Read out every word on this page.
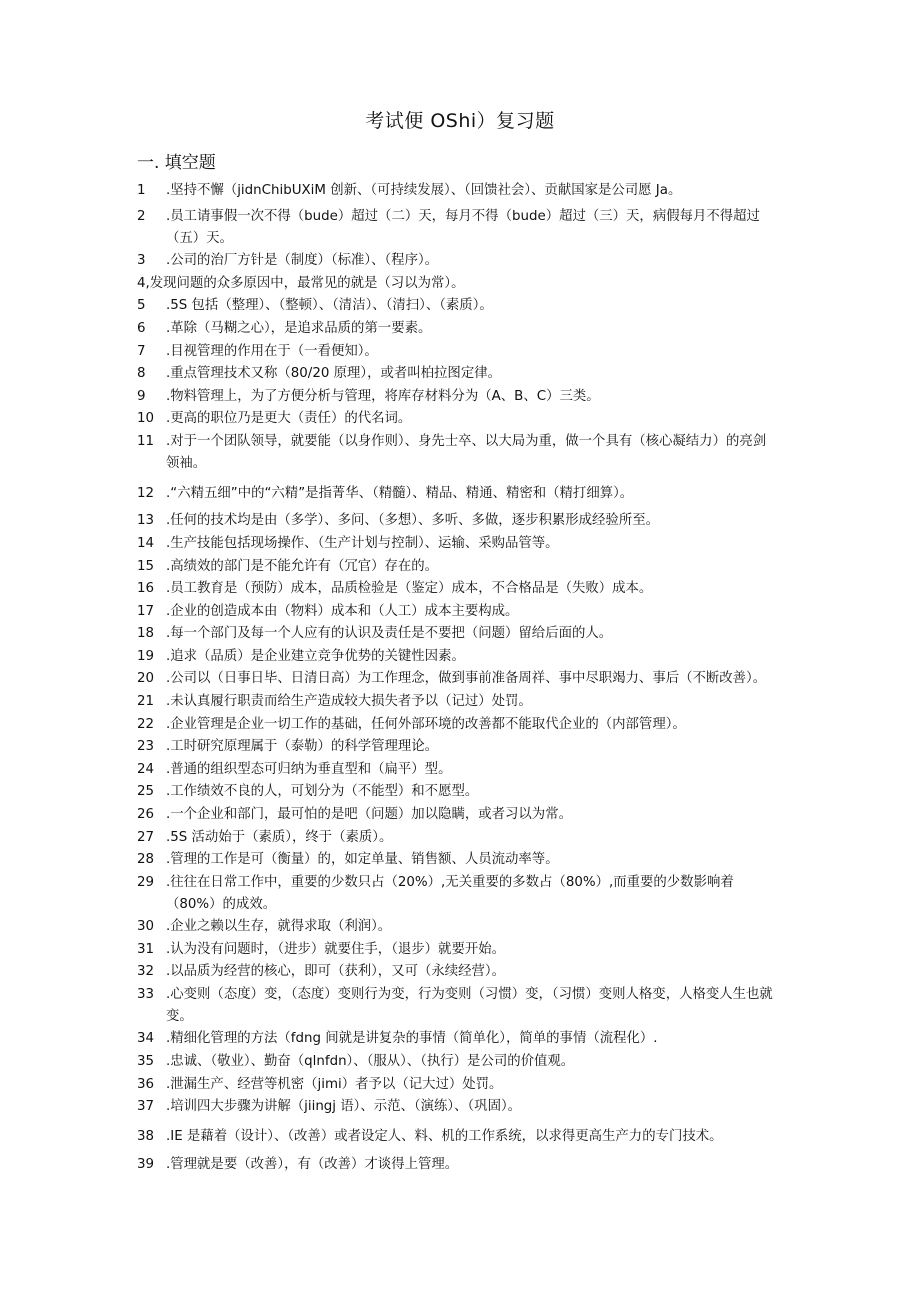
考试便 OShi）复习题
一. 填空题
1	.坚持不懈（jidnChibUXiM 创新、（可持续发展）、（回馈社会）、贡献国家是公司愿 Ja。
2	.员工请事假一次不得（bude）超过（二）天，每月不得（bude）超过（三）天，病假每月不得超过（五）天。
3	.公司的治厂方针是（制度）（标准）、（程序）。
4,发现问题的众多原因中，最常见的就是（习以为常）。
5	.5S 包括（整理）、（整顿）、（清洁）、（清扫）、（素质）。
6	.革除（马糊之心），是追求品质的第一要素。
7	.目视管理的作用在于（一看便知）。
8	.重点管理技术又称（80/20 原理），或者叫柏拉图定律。
9	.物料管理上，为了方便分析与管理，将库存材料分为（A、B、C）三类。
10 .更高的职位乃是更大（责任）的代名词。
11 .对于一个团队领导，就要能（以身作则）、身先士卒、以大局为重，做一个具有（核心凝结力）的亮剑领袖。
12 .“六精五细”中的“六精”是指菁华、（精髓）、精品、精通、精密和（精打细算）。
13 .任何的技术均是由（多学）、多问、（多想）、多听、多做，逐步积累形成经验所至。
14 .生产技能包括现场操作、（生产计划与控制）、运输、采购品管等。
15 .高绩效的部门是不能允许有（冗官）存在的。
16 .员工教育是（预防）成本，品质检验是（鉴定）成本，不合格品是（失败）成本。
17 .企业的创造成本由（物料）成本和（人工）成本主要构成。
18 .每一个部门及每一个人应有的认识及责任是不要把（问题）留给后面的人。
19 .追求（品质）是企业建立竞争优势的关键性因素。
20 .公司以（日事日毕、日清日高）为工作理念，做到事前准备周祥、事中尽职竭力、事后（不断改善）。
21 .未认真履行职责而给生产造成较大损失者予以（记过）处罚。
22 .企业管理是企业一切工作的基础，任何外部环境的改善都不能取代企业的（内部管理）。
23 .工时研究原理属于（泰勒）的科学管理理论。
24 .普通的组织型态可归纳为垂直型和（扁平）型。
25 .工作绩效不良的人，可划分为（不能型）和不愿型。
26 .一个企业和部门，最可怕的是吧（问题）加以隐瞒，或者习以为常。
27 .5S 活动始于（素质），终于（素质）。
28 .管理的工作是可（衡量）的，如定单量、销售额、人员流动率等。
29 .往往在日常工作中，重要的少数只占（20%）,无关重要的多数占（80%）,而重要的少数影响着（80%）的成效。
30 .企业之赖以生存，就得求取（利润）。
31 .认为没有问题时，（进步）就要住手，（退步）就要开始。
32 .以品质为经营的核心，即可（获利），又可（永续经营）。
33 .心变则（态度）变，（态度）变则行为变，行为变则（习惯）变，（习惯）变则人格变，人格变人生也就变。
34 .精细化管理的方法（fdng 间就是讲复杂的事情（简单化），简单的事情（流程化）.
35 .忠诚、（敬业）、勤奋（qlnfdn）、（服从）、（执行）是公司的价值观。
36 .泄漏生产、经营等机密（jimi）者予以（记大过）处罚。
37 .培训四大步骤为讲解（jiingj 语）、示范、（演练）、（巩固）。
38 .IE 是藉着（设计）、（改善）或者设定人、料、机的工作系统，以求得更高生产力的专门技术。
39 .管理就是要（改善），有（改善）才谈得上管理。
